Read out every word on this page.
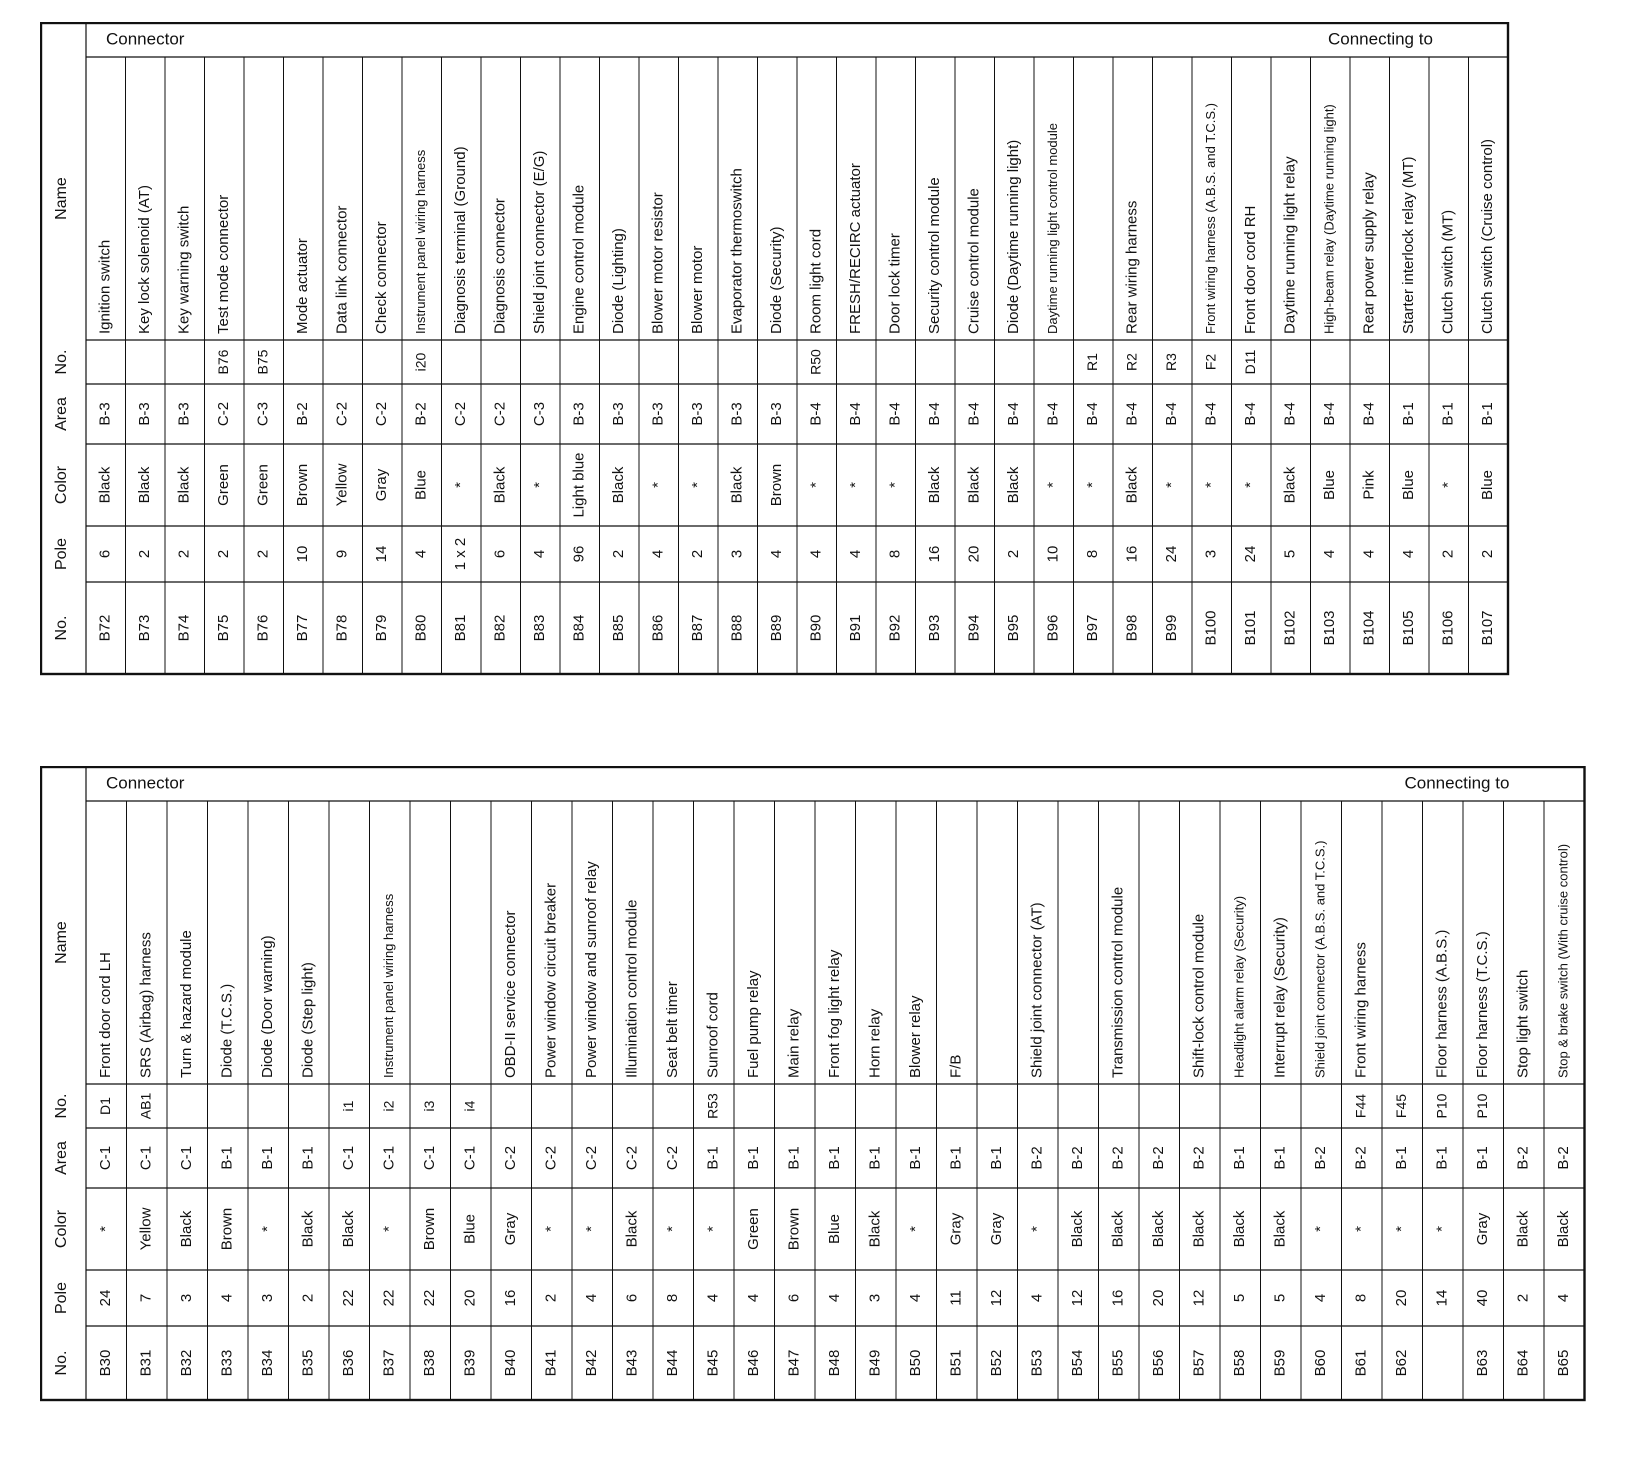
No.
Pole
Color
Area
No.
Name
B72
6
Black
B-3
Ignition switch
B73
2
Black
B-3
Key lock solenoid (AT)
B74
2
Black
B-3
Key warning switch
B75
2
Green
C-2
B76
Test mode connector
B76
2
Green
C-3
B75
B77
10
Brown
B-2
Mode actuator
B78
9
Yellow
C-2
Data link connector
B79
14
Gray
C-2
Check connector
B80
4
Blue
B-2
i20
Instrument panel wiring harness
B81
1 x 2
*
C-2
Diagnosis terminal (Ground)
B82
6
Black
C-2
Diagnosis connector
B83
4
*
C-3
Shield joint connector (E/G)
B84
96
Light blue
B-3
Engine control module
B85
2
Black
B-3
Diode (Lighting)
B86
4
*
B-3
Blower motor resistor
B87
2
*
B-3
Blower motor
B88
3
Black
B-3
Evaporator thermoswitch
B89
4
Brown
B-3
Diode (Security)
B90
4
*
B-4
R50
Room light cord
B91
4
*
B-4
FRESH/RECIRC actuator
B92
8
*
B-4
Door lock timer
B93
16
Black
B-4
Security control module
B94
20
Black
B-4
Cruise control module
B95
2
Black
B-4
Diode (Daytime running light)
B96
10
*
B-4
Daytime running light control module
B97
8
*
B-4
R1
B98
16
Black
B-4
R2
Rear wiring harness
B99
24
*
B-4
R3
B100
3
*
B-4
F2
Front wiring harness (A.B.S. and T.C.S.)
B101
24
*
B-4
D11
Front door cord RH
B102
5
Black
B-4
Daytime running light relay
B103
4
Blue
B-4
High-beam relay (Daytime running light)
B104
4
Pink
B-4
Rear power supply relay
B105
4
Blue
B-1
Starter interlock relay (MT)
B106
2
*
B-1
Clutch switch (MT)
B107
2
Blue
B-1
Clutch switch (Cruise control)
Connector	Connecting to
No.
Pole
Color
Area
No.
Name
B30
24
*
C-1
D1
Front door cord LH
B31
7
Yellow
C-1
AB1
SRS (Airbag) harness
B32
3
Black
C-1
Turn & hazard module
B33
4
Brown
B-1
Diode (T.C.S.)
B34
3
*
B-1
Diode (Door warning)
B35
2
Black
B-1
Diode (Step light)
B36
22
Black
C-1
i1
B37
22
*
C-1
i2
Instrument panel wiring harness
B38
22
Brown
C-1
i3
B39
20
Blue
C-1
i4
B40
16
Gray
C-2
OBD-II service connector
B41
2
*
C-2
Power window circuit breaker
B42
4
*
C-2
Power window and sunroof relay
B43
6
Black
C-2
Illumination control module
B44
8
*
C-2
Seat belt timer
B45
4
*
B-1
R53
Sunroof cord
B46
4
Green
B-1
Fuel pump relay
B47
6
Brown
B-1
Main relay
B48
4
Blue
B-1
Front fog light relay
B49
3
Black
B-1
Horn relay
B50
4
*
B-1
Blower relay
B51
11
Gray
B-1
F/B
B52
12
Gray
B-1
B53
4
*
B-2
Shield joint connector (AT)
B54
12
Black
B-2
B55
16
Black
B-2
Transmission control module
B56
20
Black
B-2
B57
12
Black
B-2
Shift-lock control module
B58
5
Black
B-1
Headlight alarm relay (Security)
B59
5
Black
B-1
Interrupt relay (Security)
B60
4
*
B-2
Shield joint connector (A.B.S. and T.C.S.)
B61
8
*
B-2
F44
Front wiring harness
B62
20
*
B-1
F45
14
*
B-1
P10
Floor harness (A.B.S.)
B63
40
Gray
B-1
P10
Floor harness (T.C.S.)
B64
2
Black
B-2
Stop light switch
B65
4
Black
B-2
Stop & brake switch (With cruise control)
Connector	Connecting to
